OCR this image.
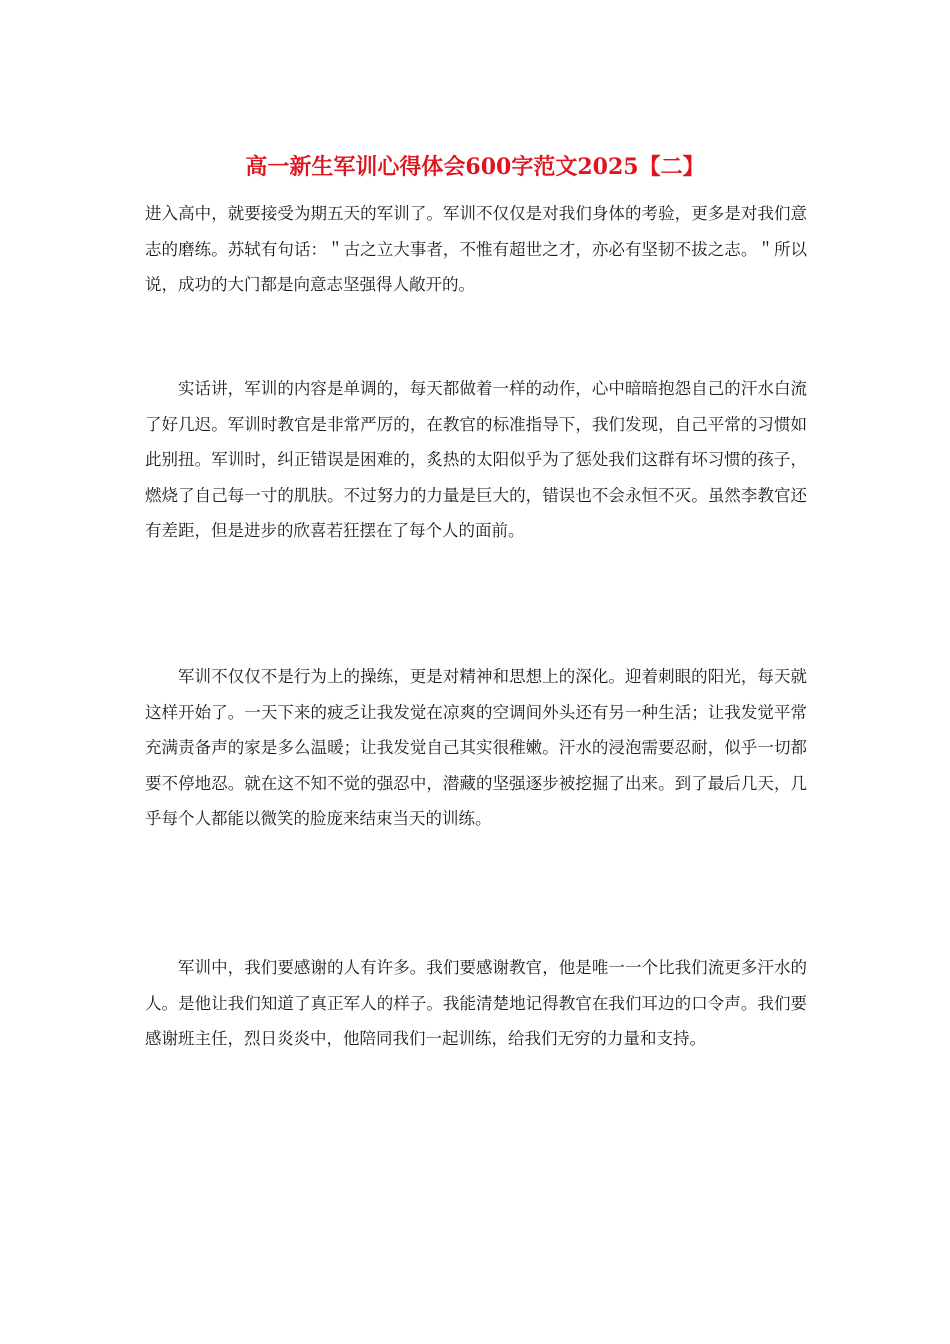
高一新生军训心得体会600字范文2025【二】

进入高中，就要接受为期五天的军训了。军训不仅仅是对我们身体的考验，更多是对我们意志的磨练。苏轼有句话：＂古之立大事者，不惟有超世之才，亦必有坚韧不拔之志。＂所以说，成功的大门都是向意志坚强得人敞开的。

实话讲，军训的内容是单调的，每天都做着一样的动作，心中暗暗抱怨自己的汗水白流了好几迟。军训时教官是非常严厉的，在教官的标准指导下，我们发现，自己平常的习惯如此别扭。军训时，纠正错误是困难的，炙热的太阳似乎为了惩处我们这群有坏习惯的孩子，燃烧了自己每一寸的肌肤。不过努力的力量是巨大的，错误也不会永恒不灭。虽然李教官还有差距，但是进步的欣喜若狂摆在了每个人的面前。

军训不仅仅不是行为上的操练，更是对精神和思想上的深化。迎着刺眼的阳光，每天就这样开始了。一天下来的疲乏让我发觉在凉爽的空调间外头还有另一种生活；让我发觉平常充满责备声的家是多么温暖；让我发觉自己其实很稚嫩。汗水的浸泡需要忍耐，似乎一切都要不停地忍。就在这不知不觉的强忍中，潜藏的坚强逐步被挖掘了出来。到了最后几天，几乎每个人都能以微笑的脸庞来结束当天的训练。

军训中，我们要感谢的人有许多。我们要感谢教官，他是唯一一个比我们流更多汗水的人。是他让我们知道了真正军人的样子。我能清楚地记得教官在我们耳边的口令声。我们要感谢班主任，烈日炎炎中，他陪同我们一起训练，给我们无穷的力量和支持。
